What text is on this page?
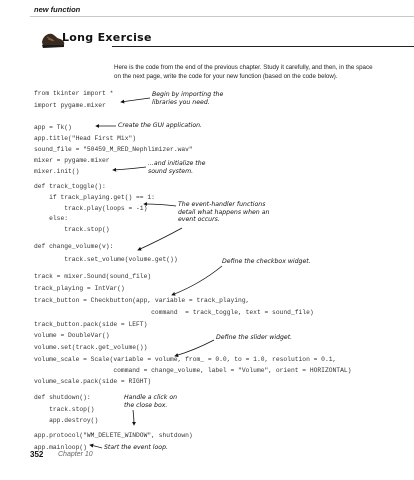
new function
Long Exercise
Here is the code from the end of the previous chapter. Study it carefully, and then, in the space on the next page, write the code for your new function (based on the code below).
from tkinter import *
import pygame.mixer
app = Tk()
app.title("Head First Mix")
sound_file = "50459_M_RED_Nephlimizer.wav"
mixer = pygame.mixer
mixer.init()
def track_toggle():
if track_playing.get() == 1:
track.play(loops = -1)
else:
track.stop()
def change_volume(v):
track.set_volume(volume.get())
track = mixer.Sound(sound_file)
track_playing = IntVar()
track_button = Checkbutton(app, variable = track_playing,
command  = track_toggle, text = sound_file)
track_button.pack(side = LEFT)
volume = DoubleVar()
volume.set(track.get_volume())
volume_scale = Scale(variable = volume, from_ = 0.0, to = 1.0, resolution = 0.1,
command = change_volume, label = "Volume", orient = HORIZONTAL)
volume_scale.pack(side = RIGHT)
def shutdown():
track.stop()
app.destroy()
app.protocol("WM_DELETE_WINDOW", shutdown)
app.mainloop()
Begin by importing the
libraries you need.
Create the GUI application.
...and initialize the
sound system.
The event-handler functions
detail what happens when an
event occurs.
Define the checkbox widget.
Define the slider widget.
Handle a click on
the close box.
Start the event loop.
352 Chapter 10
